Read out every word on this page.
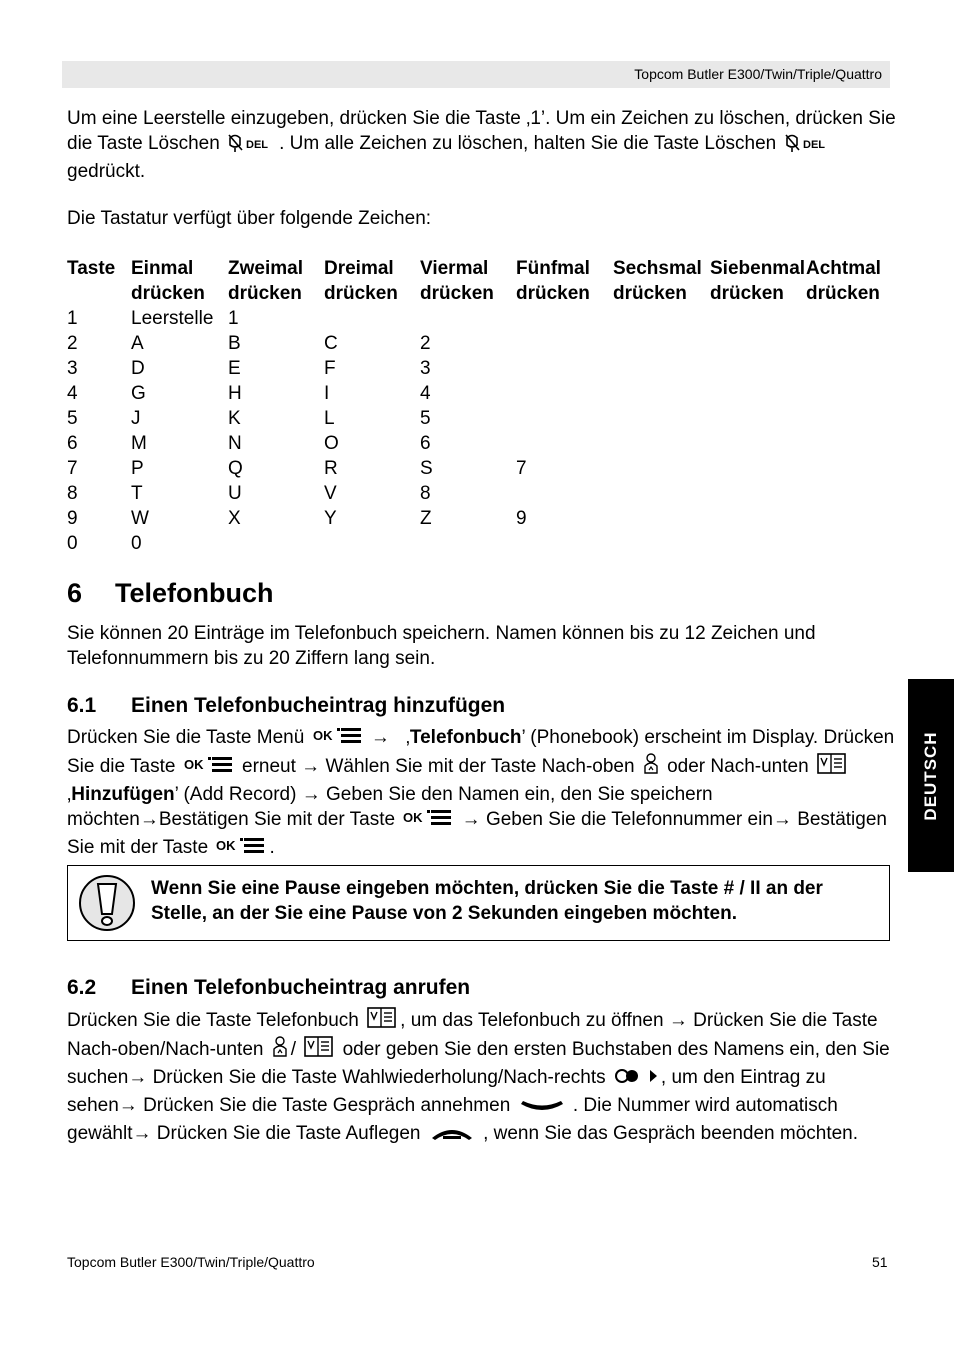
Topcom Butler E300/Twin/Triple/Quattro
Um eine Leerstelle einzugeben, drücken Sie die Taste ‚1’. Um ein Zeichen zu löschen, drücken Sie die Taste Löschen DEL . Um alle Zeichen zu löschen, halten Sie die Taste Löschen DEL
gedrückt.
Die Tastatur verfügt über folgende Zeichen:
Taste	Einmal	Zweimal	Dreimal	Viermal	Fünfmal	Sechsmal	Siebenmal	Achtmal
	drücken	drücken	drücken	drücken	drücken	drücken	drücken	drücken
1	Leerstelle	1						
2	A	B	C	2				
3	D	E	F	3				
4	G	H	I	4				
5	J	K	L	5				
6	M	N	O	6				
7	P	Q	R	S	7			
8	T	U	V	8				
9	W	X	Y	Z	9			
0	0							
6 Telefonbuch
Sie können 20 Einträge im Telefonbuch speichern. Namen können bis zu 12 Zeichen und Telefonnummern bis zu 20 Ziffern lang sein.
6.1 Einen Telefonbucheintrag hinzufügen
Drücken Sie die Taste Menü OK → ‚Telefonbuch’ (Phonebook) erscheint im Display. Drücken Sie die Taste OK erneut → Wählen Sie mit der Taste Nach-oben oder Nach-unten  ‚Hinzufügen’ (Add Record) → Geben Sie den Namen ein, den Sie speichern möchten→Bestätigen Sie mit der Taste OK → Geben Sie die Telefonnummer ein→ Bestätigen Sie mit der Taste OK .
Wenn Sie eine Pause eingeben möchten, drücken Sie die Taste # / II an der Stelle, an der Sie eine Pause von 2 Sekunden eingeben möchten.
6.2 Einen Telefonbucheintrag anrufen
Drücken Sie die Taste Telefonbuch , um das Telefonbuch zu öffnen → Drücken Sie die Taste Nach-oben/Nach-unten / oder geben Sie den ersten Buchstaben des Namens ein, den Sie suchen→ Drücken Sie die Taste Wahlwiederholung/Nach-rechts	, um den Eintrag zu sehen→ Drücken Sie die Taste Gespräch annehmen	. Die Nummer wird automatisch gewählt→ Drücken Sie die Taste Auflegen	, wenn Sie das Gespräch beenden möchten.
DEUTSCH
Topcom Butler E300/Twin/Triple/Quattro	51
